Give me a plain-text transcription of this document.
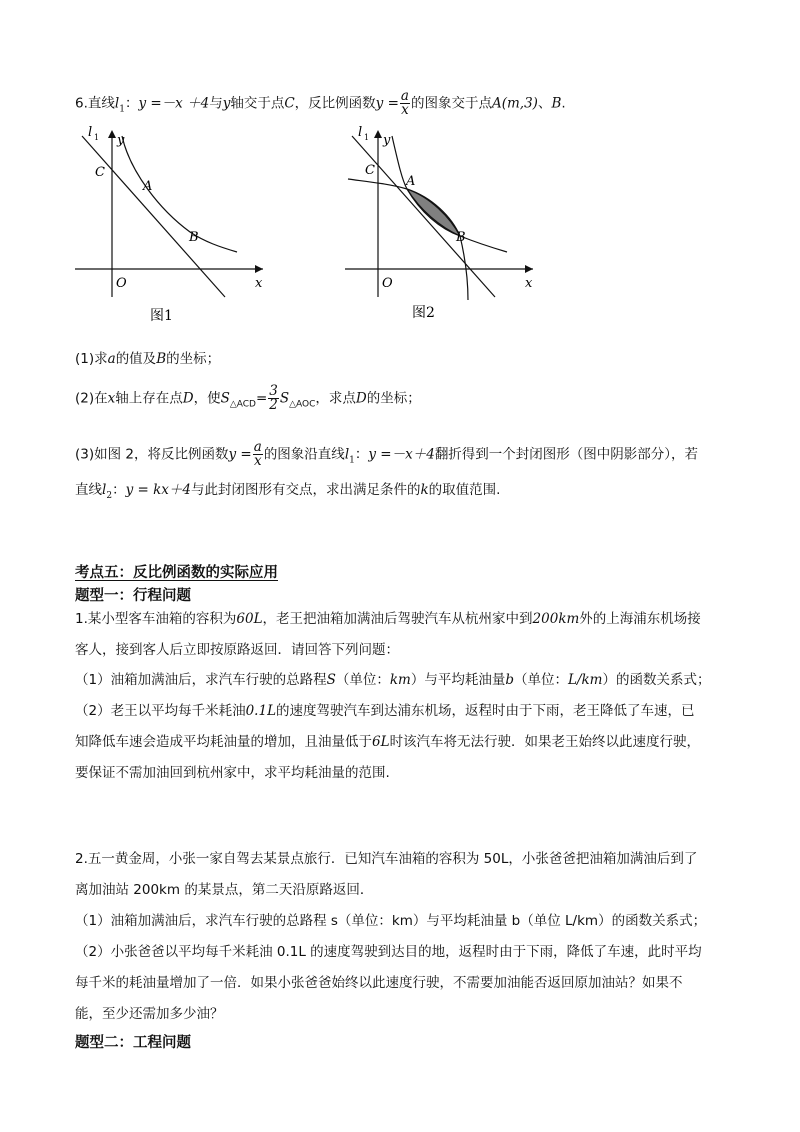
6.直线$l_1$：y =－x ＋4与y轴交于点C，反比例函数$y = \frac{a}{x}$ 的图象交于点A(m,3)、B.
l 1 y
C
A
B
O	x
图1
l 1 y
C
A
B
O	x
图2
(1)求a的值及B的坐标；
(2)在x轴上存在点D，使$S_{\triangle ACD}= \frac{3}{2} S_{\triangle AOC}$，求点D的坐标；
(3)如图 2，将反比例函数$y = \frac{a}{x}$ 的图象沿直线$l_1$：y =－x＋4翻折得到一个封闭图形（图中阴影部分），若
直线$l_2$：y = kx＋4与此封闭图形有交点，求出满足条件的k的取值范围.
考点五：反比例函数的实际应用
题型一：行程问题
1.某小型客车油箱的容积为60L，老王把油箱加满油后驾驶汽车从杭州家中到200km外的上海浦东机场接
客人，接到客人后立即按原路返回．请回答下列问题：
（1）油箱加满油后，求汽车行驶的总路程S（单位：km）与平均耗油量b（单位：L/km）的函数关系式；
（2）老王以平均每千米耗油0.1L的速度驾驶汽车到达浦东机场，返程时由于下雨，老王降低了车速，已
知降低车速会造成平均耗油量的增加，且油量低于6L时该汽车将无法行驶．如果老王始终以此速度行驶，
要保证不需加油回到杭州家中，求平均耗油量的范围.
2.五一黄金周，小张一家自驾去某景点旅行．已知汽车油箱的容积为 50L，小张爸爸把油箱加满油后到了
离加油站 200km 的某景点，第二天沿原路返回．
（1）油箱加满油后，求汽车行驶的总路程 s（单位：km）与平均耗油量 b（单位 L/km）的函数关系式；
（2）小张爸爸以平均每千米耗油 0.1L 的速度驾驶到达目的地，返程时由于下雨，降低了车速，此时平均
每千米的耗油量增加了一倍．如果小张爸爸始终以此速度行驶，不需要加油能否返回原加油站？如果不
能，至少还需加多少油？
题型二：工程问题
